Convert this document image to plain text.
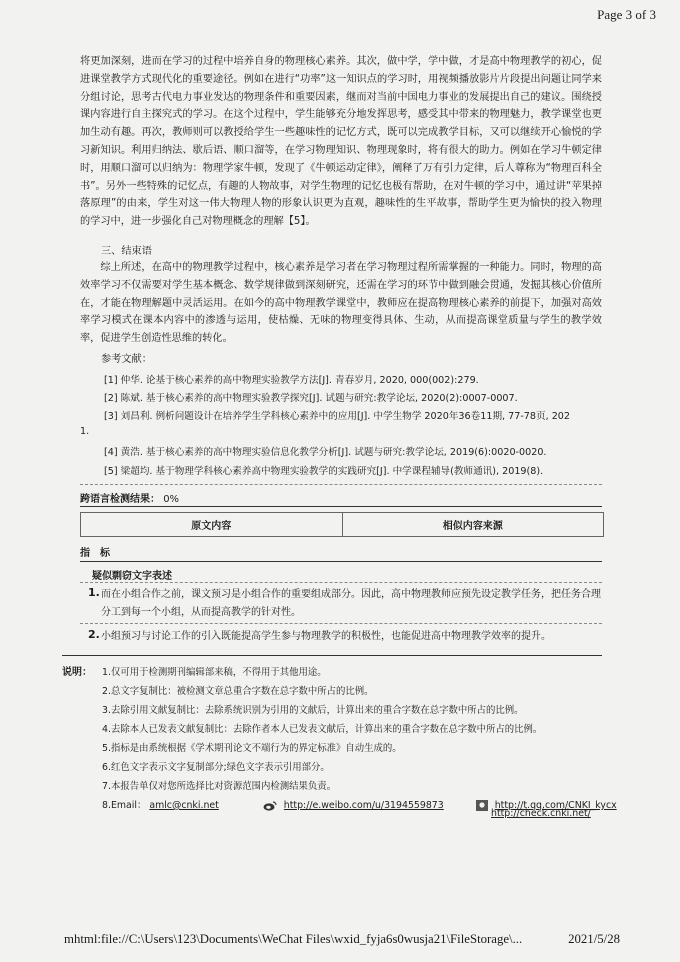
Page 3 of 3

将更加深刻，进而在学习的过程中培养自身的物理核心素养。其次，做中学，学中做，才是高中物理教学的初心，促进课堂教学方式现代化的重要途径。例如在进行“功率”这一知识点的学习时，用视频播放影片片段提出问题让同学来分组讨论，思考古代电力事业发达的物理条件和重要因素，继而对当前中国电力事业的发展提出自己的建议。围绕授课内容进行自主探究式的学习。在这个过程中，学生能够充分地发挥思考，感受其中带来的物理魅力，教学课堂也更加生动有趣。再次，教师则可以教授给学生一些趣味性的记忆方式，既可以完成教学目标，又可以继续开心愉悦的学习新知识。利用归纳法、歇后语、顺口溜等，在学习物理知识、物理现象时，将有很大的助力。例如在学习牛顿定律时，用顺口溜可以归纳为：物理学家牛顿，发现了《牛顿运动定律》，阐释了万有引力定律，后人尊称为“物理百科全书”。另外一些特殊的记忆点，有趣的人物故事，对学生物理的记忆也极有帮助，在对牛顿的学习中，通过讲“苹果掉落原理”的由来，学生对这一伟大物理人物的形象认识更为直观，趣味性的生平故事，帮助学生更为愉快的投入物理的学习中，进一步强化自己对物理概念的理解【5】。

三、结束语

综上所述，在高中的物理教学过程中，核心素养是学习者在学习物理过程所需掌握的一种能力。同时，物理的高效率学习不仅需要对学生基本概念、数学规律做到深刻研究，还需在学习的环节中做到融会贯通，发掘其核心价值所在，才能在物理解题中灵活运用。在如今的高中物理教学课堂中，教师应在提高物理核心素养的前提下，加强对高效率学习模式在课本内容中的渗透与运用，使枯燥、无味的物理变得具体、生动，从而提高课堂质量与学生的教学效率，促进学生创造性思维的转化。

参考文献：
[1] 仲华. 论基于核心素养的高中物理实验教学方法[J]. 青春岁月, 2020, 000(002):279.
[2] 陈斌. 基于核心素养的高中物理实验教学探究[J]. 试题与研究:教学论坛, 2020(2):0007-0007.
[3] 刘昌利. 例析问题设计在培养学生学科核心素养中的应用[J]. 中学生物学 2020年36卷11期, 77-78页, 202
1.
[4] 黄浩. 基于核心素养的高中物理实验信息化教学分析[J]. 试题与研究:教学论坛, 2019(6):0020-0020.
[5] 梁超均. 基于物理学科核心素养高中物理实验教学的实践研究[J]. 中学课程辅导(教师通讯), 2019(8).
跨语言检测结果： 0%
原文内容	相似内容来源
指　标
疑似剽窃文字表述
1. 而在小组合作之前，课文预习是小组合作的重要组成部分。因此，高中物理教师应预先设定教学任务，把任务合理分工到每一个小组，从而提高教学的针对性。
2. 小组预习与讨论工作的引入既能提高学生参与物理教学的积极性，也能促进高中物理教学效率的提升。
说明： 1.仅可用于检测期刊编辑部来稿，不得用于其他用途。
2.总文字复制比：被检测文章总重合字数在总字数中所占的比例。
3.去除引用文献复制比：去除系统识别为引用的文献后，计算出来的重合字数在总字数中所占的比例。
4.去除本人已发表文献复制比：去除作者本人已发表文献后，计算出来的重合字数在总字数中所占的比例。
5.指标是由系统根据《学术期刊论文不端行为的界定标准》自动生成的。
6.红色文字表示文字复制部分;绿色文字表示引用部分。
7.本报告单仅对您所选择比对资源范围内检测结果负责。
8.Email： amlc@cnki.net	http://e.weibo.com/u/3194559873	http://t.qq.com/CNKI_kycx
http://check.cnki.net/
mhtml:file://C:\Users\123\Documents\WeChat Files\wxid_fyja6s0wusja21\FileStorage\...	2021/5/28
